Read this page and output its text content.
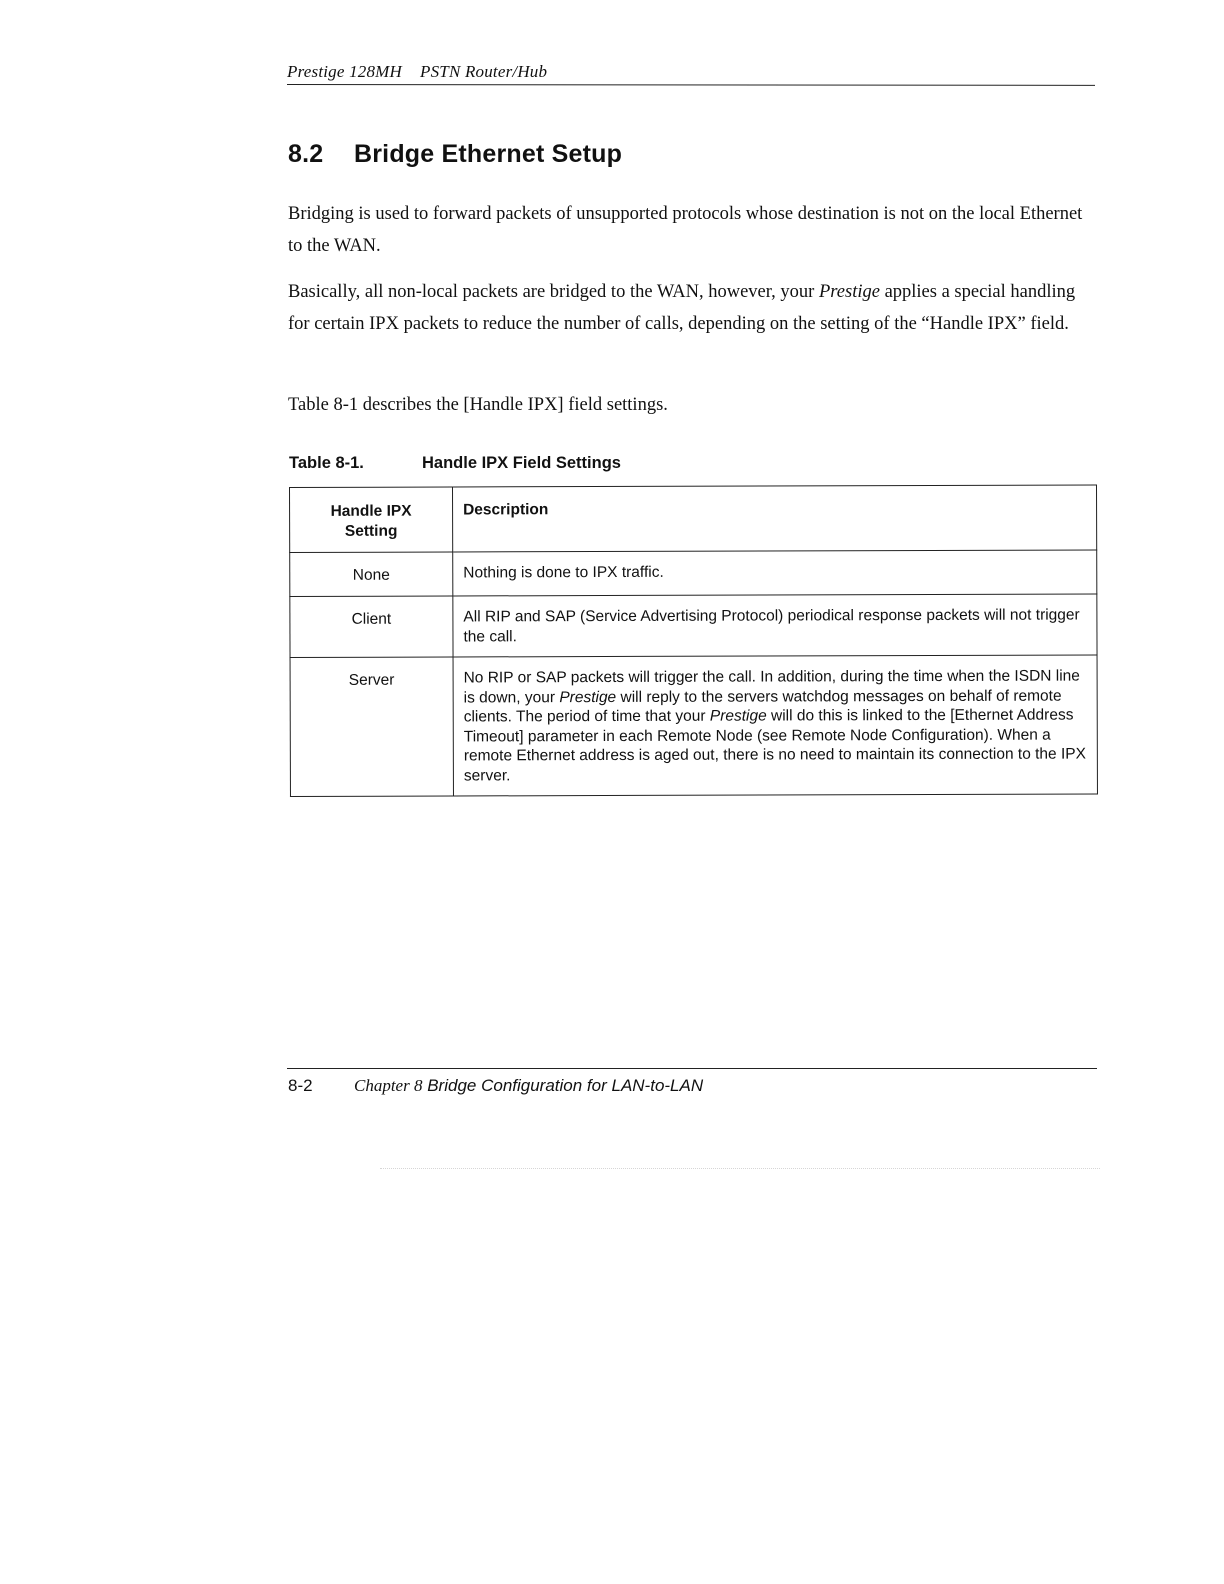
Prestige 128MH PSTN Router/Hub
8.2 Bridge Ethernet Setup

Bridging is used to forward packets of unsupported protocols whose destination is not on the local Ethernet to the WAN.

Basically, all non-local packets are bridged to the WAN, however, your Prestige applies a special handling for certain IPX packets to reduce the number of calls, depending on the setting of the “Handle IPX” field.

Table 8-1 describes the [Handle IPX] field settings.

Table 8-1.	Handle IPX Field Settings
Handle IPX
Setting	Description
None	Nothing is done to IPX traffic.
Client	All RIP and SAP (Service Advertising Protocol) periodical response packets will not trigger the call.
Server	No RIP or SAP packets will trigger the call. In addition, during the time when the ISDN line is down, your Prestige will reply to the servers watchdog messages on behalf of remote clients. The period of time that your Prestige will do this is linked to the [Ethernet Address Timeout] parameter in each Remote Node (see Remote Node Configuration). When a remote Ethernet address is aged out, there is no need to maintain its connection to the IPX server.
8-2 Chapter 8 Bridge Configuration for LAN-to-LAN
